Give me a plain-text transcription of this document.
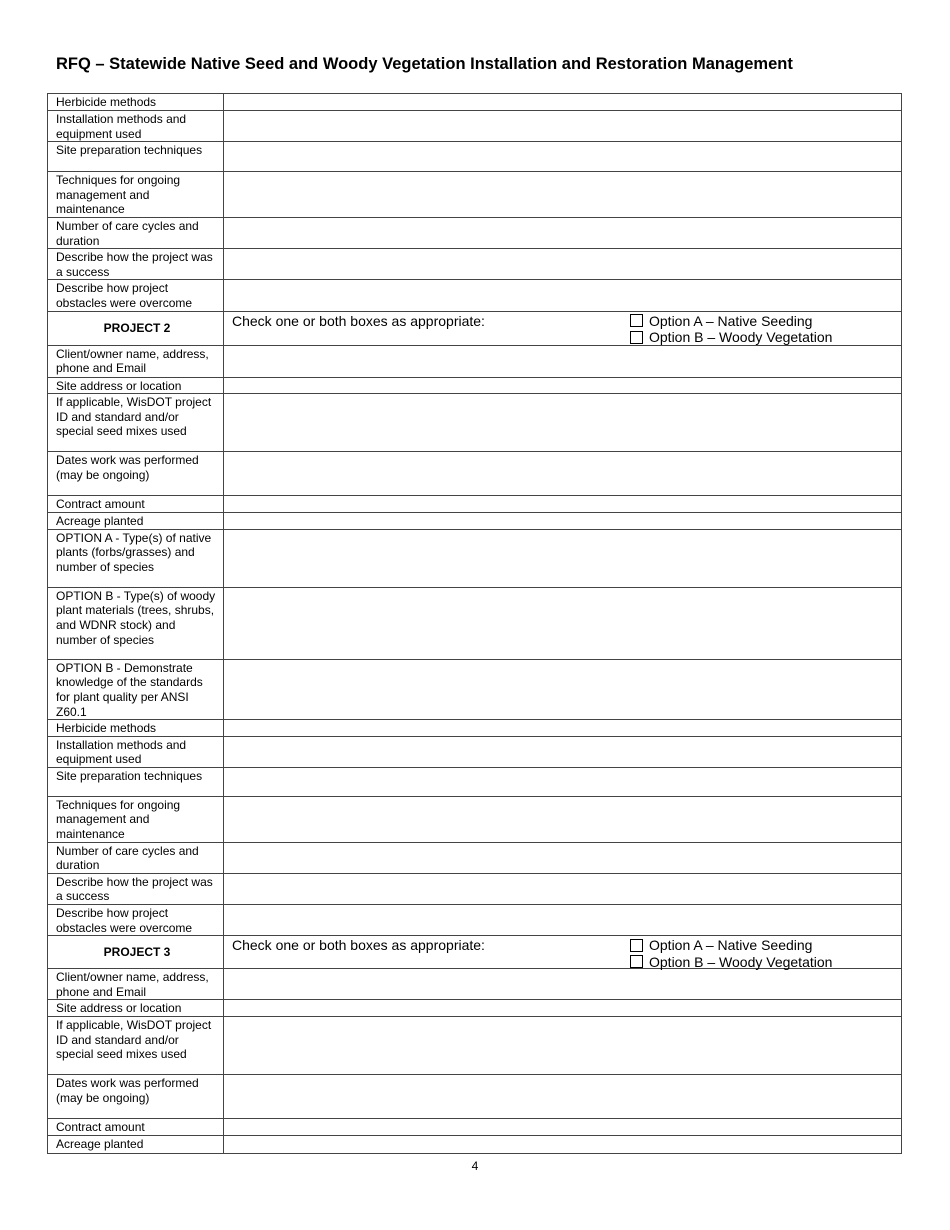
RFQ – Statewide Native Seed and Woody Vegetation Installation and Restoration Management
Herbicide methods	
Installation methods and equipment used	
Site preparation techniques	
Techniques for ongoing management and maintenance	
Number of care cycles and duration	
Describe how the project was a success	
Describe how project obstacles were overcome	
PROJECT 2	Check one or both boxes as appropriate: Option A – Native Seeding
Option B – Woody Vegetation

Client/owner name, address, phone and Email	
Site address or location	
If applicable, WisDOT project ID and standard and/or special seed mixes used	
Dates work was performed (may be ongoing)	
Contract amount	
Acreage planted	
OPTION A - Type(s) of native plants (forbs/grasses) and number of species	
OPTION B - Type(s) of woody plant materials (trees, shrubs, and WDNR stock) and number of species	
OPTION B - Demonstrate knowledge of the standards for plant quality per ANSI Z60.1	
Herbicide methods	
Installation methods and equipment used	
Site preparation techniques	
Techniques for ongoing management and maintenance	
Number of care cycles and duration	
Describe how the project was a success	
Describe how project obstacles were overcome	
PROJECT 3	Check one or both boxes as appropriate: Option A – Native Seeding
Option B – Woody Vegetation

Client/owner name, address, phone and Email	
Site address or location	
If applicable, WisDOT project ID and standard and/or special seed mixes used	
Dates work was performed (may be ongoing)	
Contract amount	
Acreage planted	
4
